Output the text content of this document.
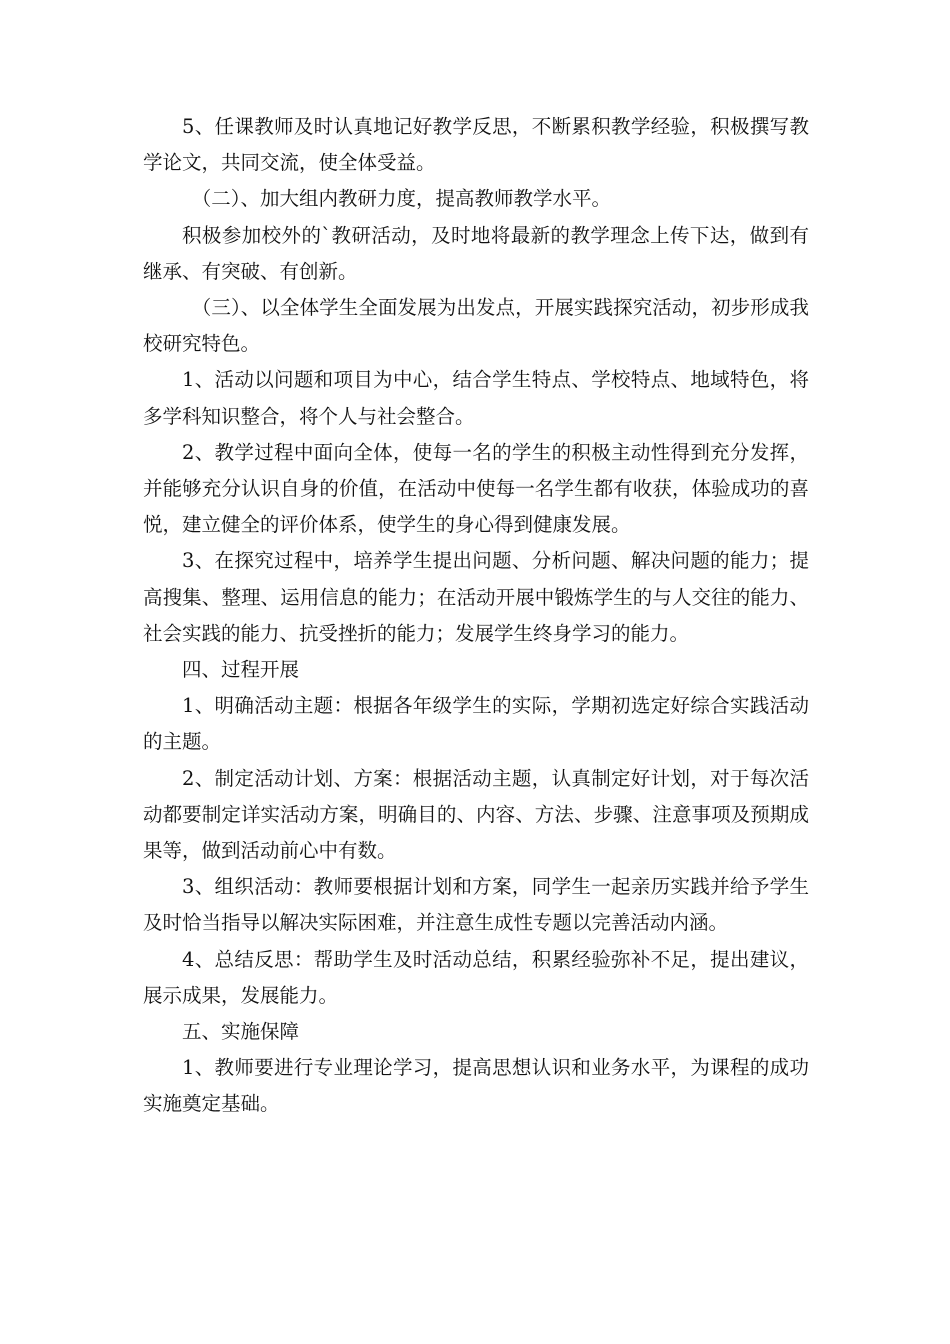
5、任课教师及时认真地记好教学反思，不断累积教学经验，积极撰写教学论文，共同交流，使全体受益。

（二）、加大组内教研力度，提高教师教学水平。

积极参加校外的`教研活动，及时地将最新的教学理念上传下达，做到有继承、有突破、有创新。

（三）、以全体学生全面发展为出发点，开展实践探究活动，初步形成我校研究特色。

1、活动以问题和项目为中心，结合学生特点、学校特点、地域特色，将多学科知识整合，将个人与社会整合。

2、教学过程中面向全体，使每一名的学生的积极主动性得到充分发挥，并能够充分认识自身的价值，在活动中使每一名学生都有收获，体验成功的喜悦，建立健全的评价体系，使学生的身心得到健康发展。

3、在探究过程中，培养学生提出问题、分析问题、解决问题的能力；提高搜集、整理、运用信息的能力；在活动开展中锻炼学生的与人交往的能力、社会实践的能力、抗受挫折的能力；发展学生终身学习的能力。

四、过程开展

1、明确活动主题：根据各年级学生的实际，学期初选定好综合实践活动的主题。

2、制定活动计划、方案：根据活动主题，认真制定好计划，对于每次活动都要制定详实活动方案，明确目的、内容、方法、步骤、注意事项及预期成果等，做到活动前心中有数。

3、组织活动：教师要根据计划和方案，同学生一起亲历实践并给予学生及时恰当指导以解决实际困难，并注意生成性专题以完善活动内涵。

4、总结反思：帮助学生及时活动总结，积累经验弥补不足，提出建议，展示成果，发展能力。

五、实施保障

1、教师要进行专业理论学习，提高思想认识和业务水平，为课程的成功实施奠定基础。
